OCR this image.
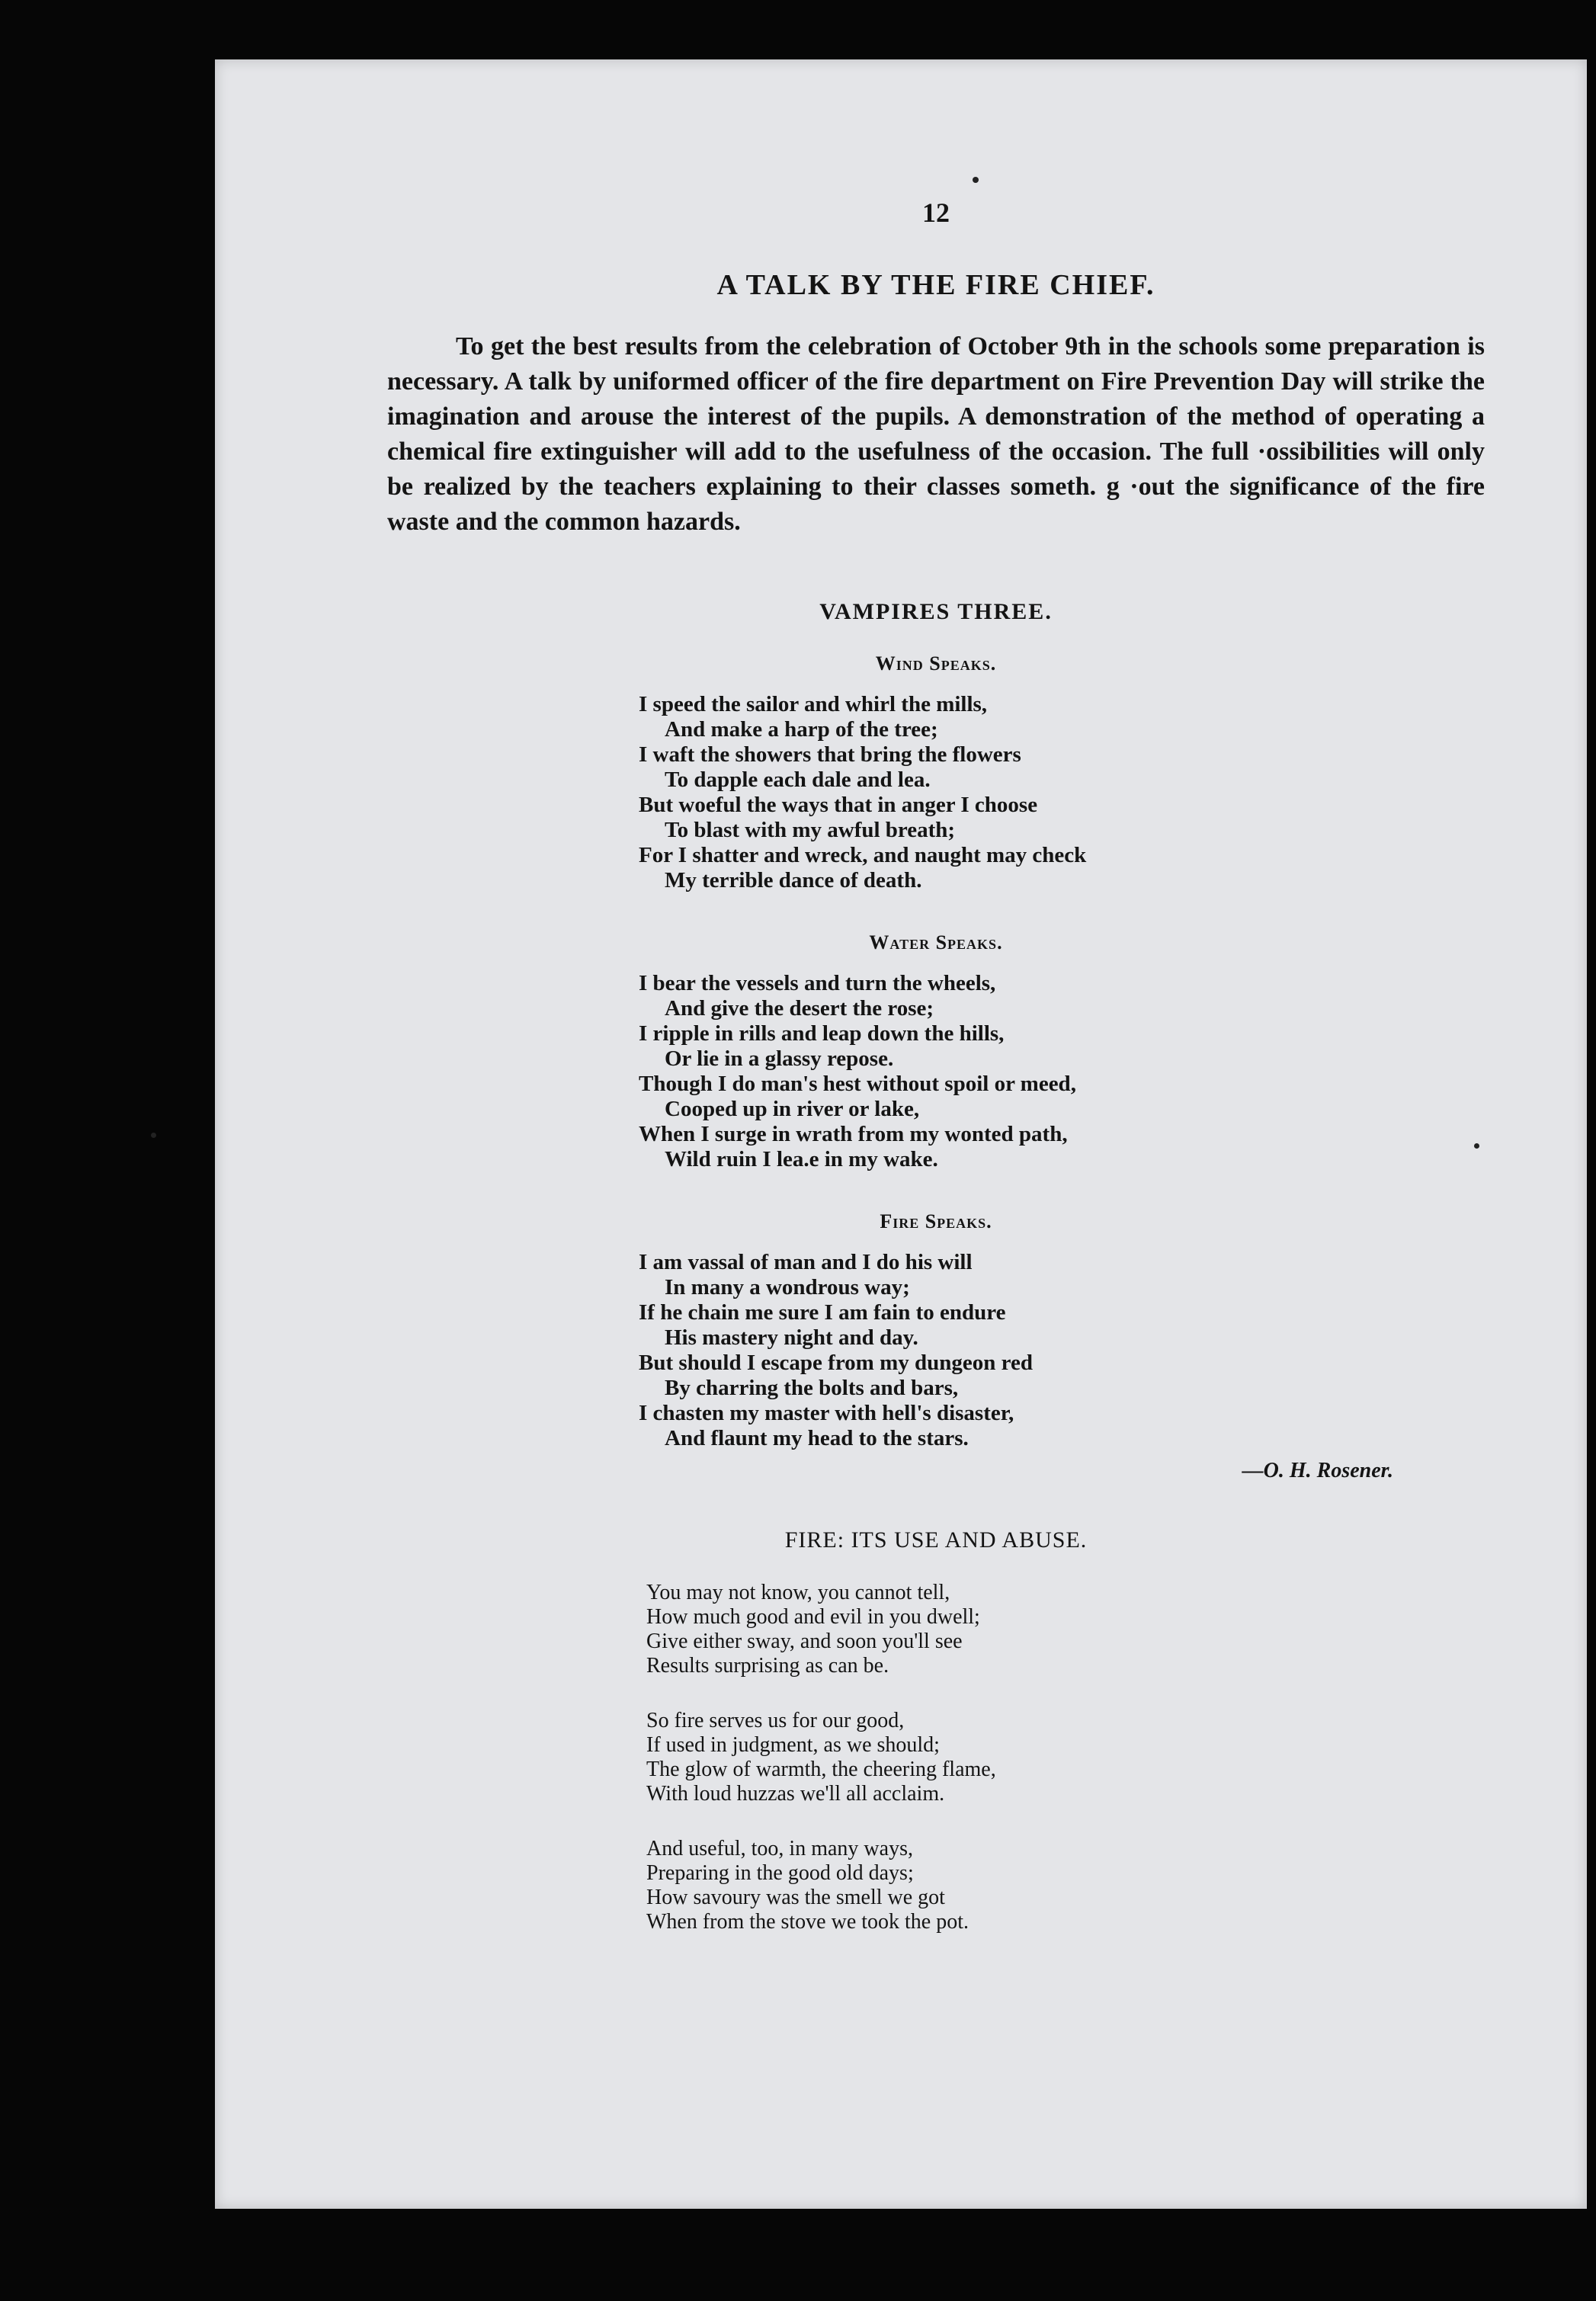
12
A TALK BY THE FIRE CHIEF.

To get the best results from the celebration of October 9th in the schools some preparation is necessary. A talk by uniformed officer of the fire department on Fire Prevention Day will strike the imagination and arouse the interest of the pupils. A demonstration of the method of operating a chemical fire extinguisher will add to the usefulness of the occasion. The full ·ossibilities will only be realized by the teachers explaining to their classes someth. g ·out the significance of the fire waste and the common hazards.

VAMPIRES THREE.
Wind Speaks.
I speed the sailor and whirl the mills,
And make a harp of the tree;
I waft the showers that bring the flowers
To dapple each dale and lea.
But woeful the ways that in anger I choose
To blast with my awful breath;
For I shatter and wreck, and naught may check
My terrible dance of death.
Water Speaks.
I bear the vessels and turn the wheels,
And give the desert the rose;
I ripple in rills and leap down the hills,
Or lie in a glassy repose.
Though I do man's hest without spoil or meed,
Cooped up in river or lake,
When I surge in wrath from my wonted path,
Wild ruin I lea.e in my wake.
Fire Speaks.
I am vassal of man and I do his will
In many a wondrous way;
If he chain me sure I am fain to endure
His mastery night and day.
But should I escape from my dungeon red
By charring the bolts and bars,
I chasten my master with hell's disaster,
And flaunt my head to the stars.
—O. H. Rosener.
FIRE: ITS USE AND ABUSE.
You may not know, you cannot tell,
How much good and evil in you dwell;
Give either sway, and soon you'll see
Results surprising as can be.
So fire serves us for our good,
If used in judgment, as we should;
The glow of warmth, the cheering flame,
With loud huzzas we'll all acclaim.
And useful, too, in many ways,
Preparing in the good old days;
How savoury was the smell we got
When from the stove we took the pot.
